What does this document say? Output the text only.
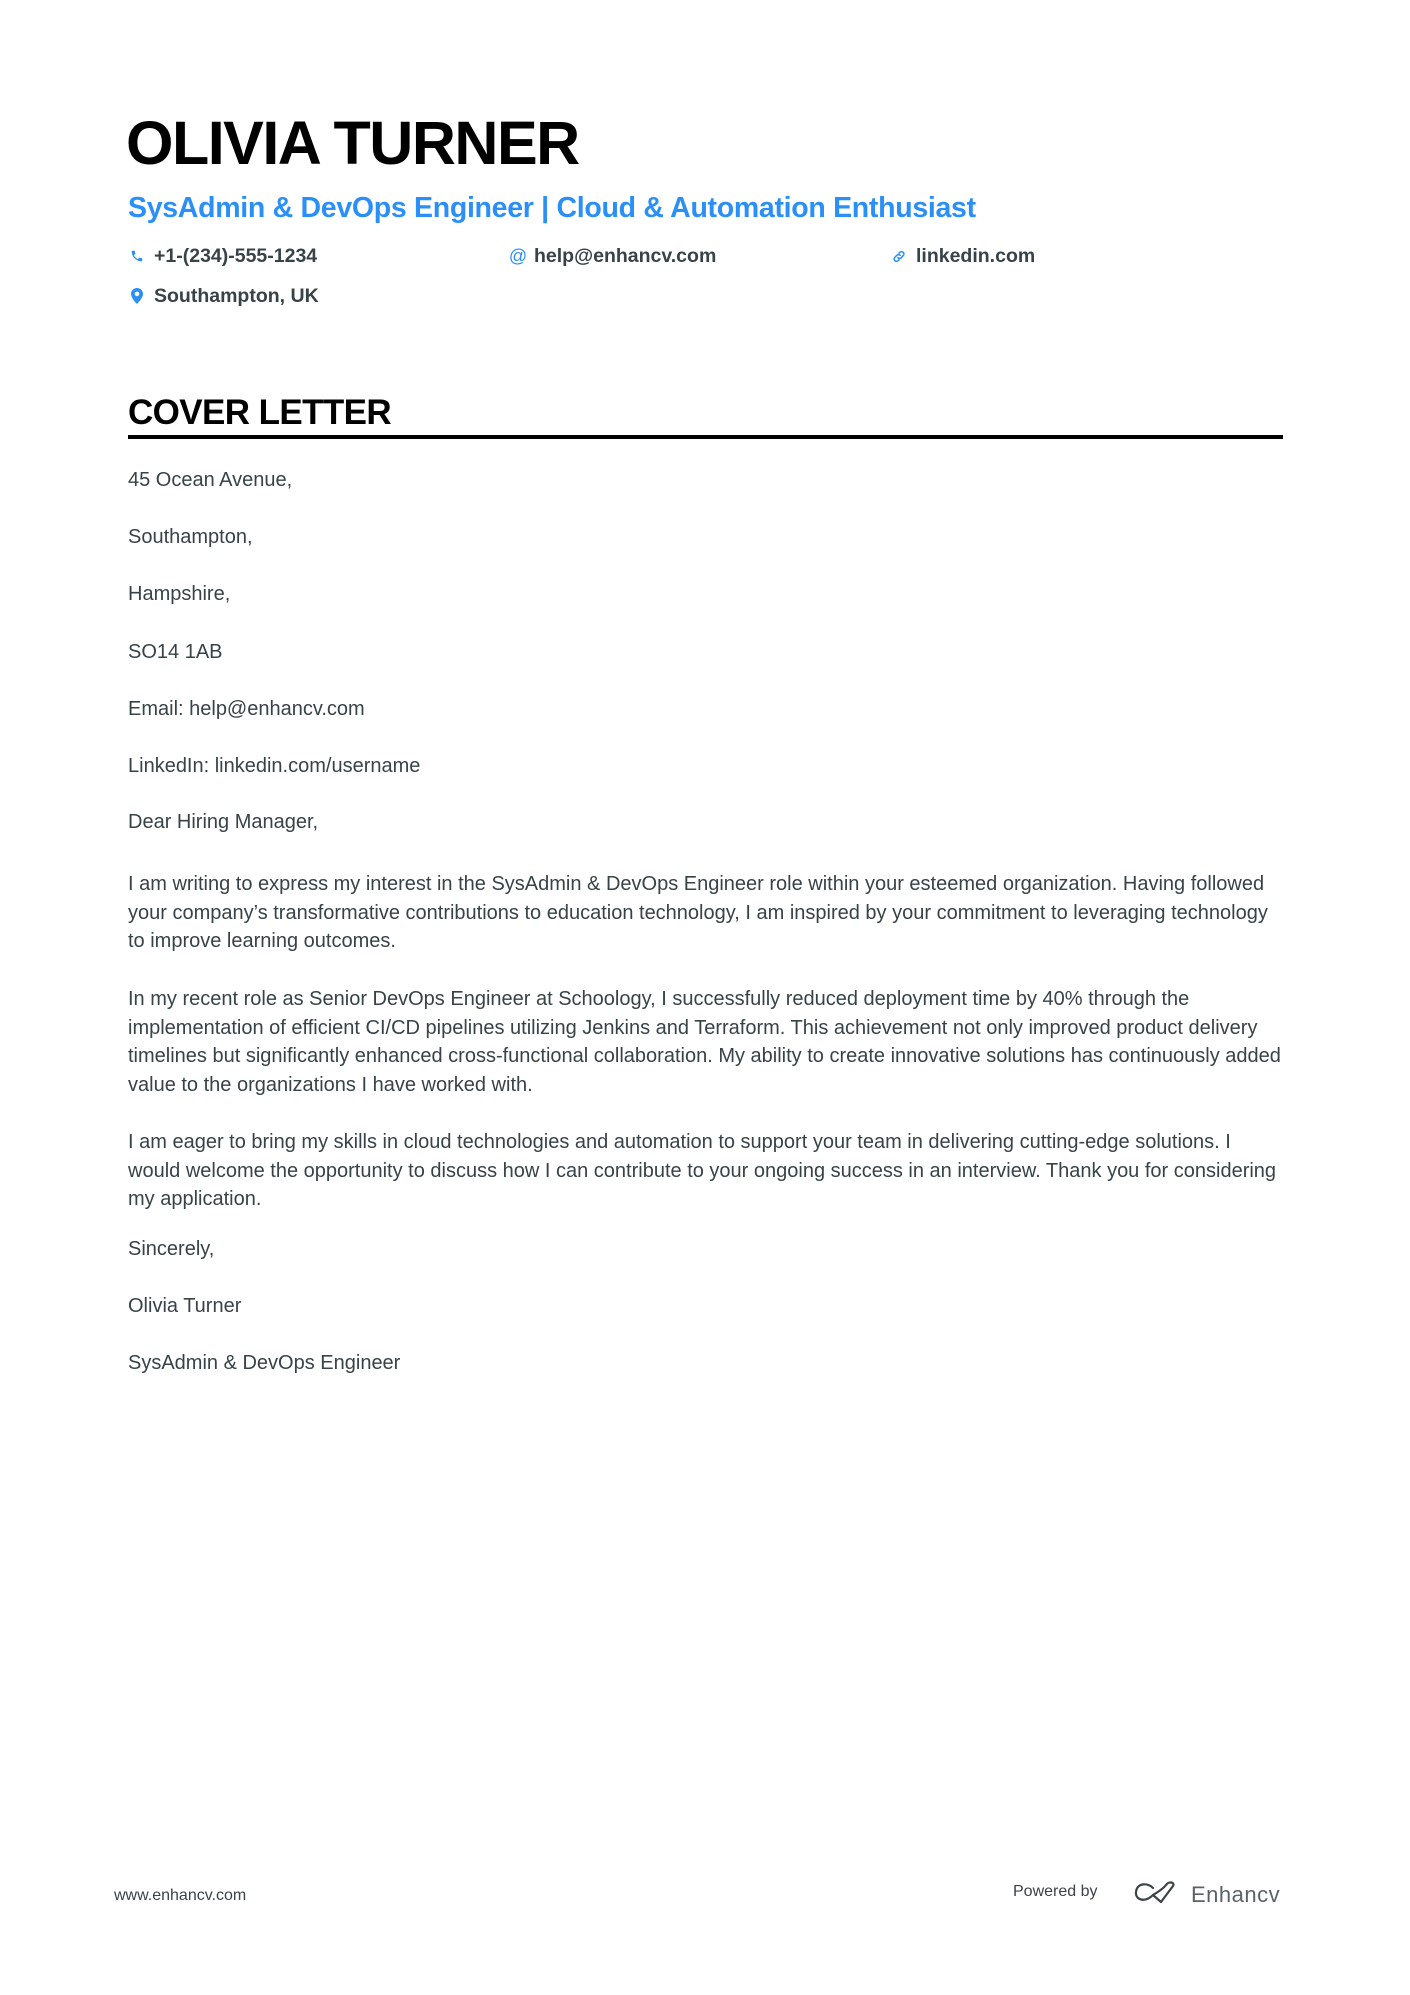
OLIVIA TURNER
SysAdmin & DevOps Engineer | Cloud & Automation Enthusiast
+1-(234)-555-1234	@ help@enhancv.com	linkedin.com
Southampton, UK
COVER LETTER
45 Ocean Avenue,
Southampton,
Hampshire,
SO14 1AB
Email: help@enhancv.com
LinkedIn: linkedin.com/username
Dear Hiring Manager,
I am writing to express my interest in the SysAdmin & DevOps Engineer role within your esteemed organization. Having followed your company’s transformative contributions to education technology, I am inspired by your commitment to leveraging technology to improve learning outcomes.
In my recent role as Senior DevOps Engineer at Schoology, I successfully reduced deployment time by 40% through the implementation of efficient CI/CD pipelines utilizing Jenkins and Terraform. This achievement not only improved product delivery timelines but significantly enhanced cross-functional collaboration. My ability to create innovative solutions has continuously added value to the organizations I have worked with.
I am eager to bring my skills in cloud technologies and automation to support your team in delivering cutting-edge solutions. I would welcome the opportunity to discuss how I can contribute to your ongoing success in an interview. Thank you for considering my application.
Sincerely,
Olivia Turner
SysAdmin & DevOps Engineer
www.enhancv.com	Powered by	Enhancv
